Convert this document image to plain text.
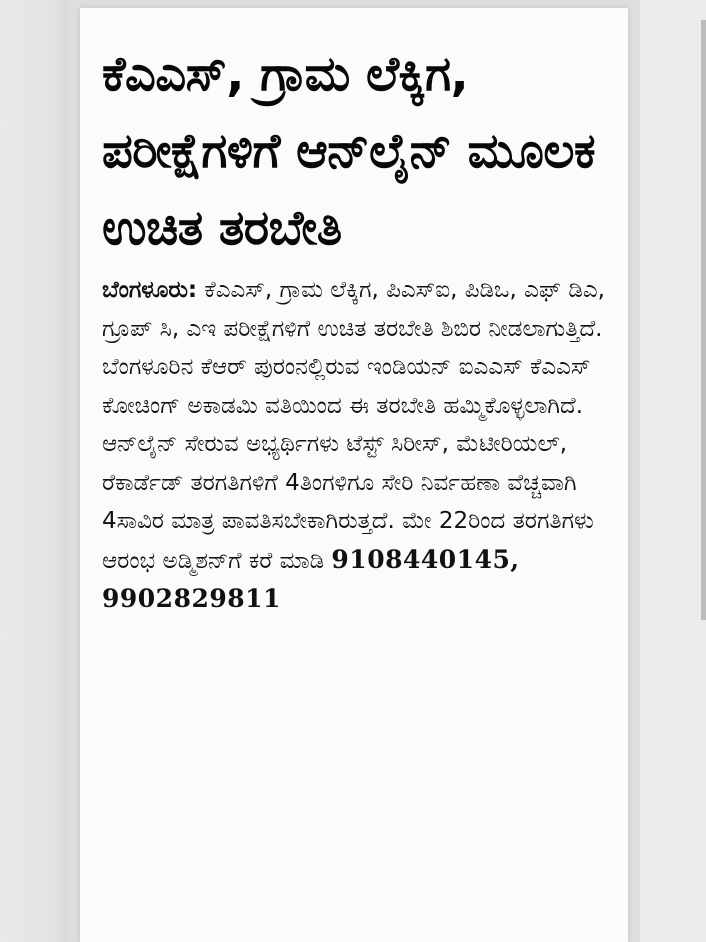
ಕೆಎಎಸ್, ಗ್ರಾಮ ಲೆಕ್ಕಿಗ, ಪರೀಕ್ಷೆಗಳಿಗೆ ಆನ್‌ಲೈನ್ ಮೂಲಕ ಉಚಿತ ತರಬೇತಿ

ಬೆಂಗಳೂರು: ಕೆಎಎಸ್, ಗ್ರಾಮ ಲೆಕ್ಕಿಗ, ಪಿಎಸ್‌ಐ, ಪಿಡಿಒ, ಎಫ್ ಡಿಎ, ಗ್ರೂಪ್ ಸಿ, ಎಇ ಪರೀಕ್ಷೆಗಳಿಗೆ ಉಚಿತ ತರಬೇತಿ ಶಿಬಿರ ನೀಡಲಾಗುತ್ತಿದೆ. ಬೆಂಗಳೂರಿನ ಕೆಆರ್ ಪುರಂನಲ್ಲಿರುವ ಇಂಡಿಯನ್ ಐಎಎಸ್ ಕೆಎಎಸ್ ಕೋಚಿಂಗ್ ಅಕಾಡಮಿ ವತಿಯಿಂದ ಈ ತರಬೇತಿ ಹಮ್ಮಿಕೊಳ್ಳಲಾಗಿದೆ. ಆನ್‌ಲೈನ್ ಸೇರುವ ಅಭ್ಯರ್ಥಿಗಳು ಟೆಸ್ಟ್ ಸಿರೀಸ್, ಮೆಟೀರಿಯಲ್, ರೆಕಾರ್ಡೆಡ್ ತರಗತಿಗಳಿಗೆ 4ತಿಂಗಳಿಗೂ ಸೇರಿ ನಿರ್ವಹಣಾ ವೆಚ್ಚವಾಗಿ 4ಸಾವಿರ ಮಾತ್ರ ಪಾವತಿಸಬೇಕಾಗಿರುತ್ತದೆ. ಮೇ 22ರಿಂದ ತರಗತಿಗಳು ಆರಂಭ ಅಡ್ಮಿಶನ್‌ಗೆ ಕರೆ ಮಾಡಿ 9108440145, 9902829811
